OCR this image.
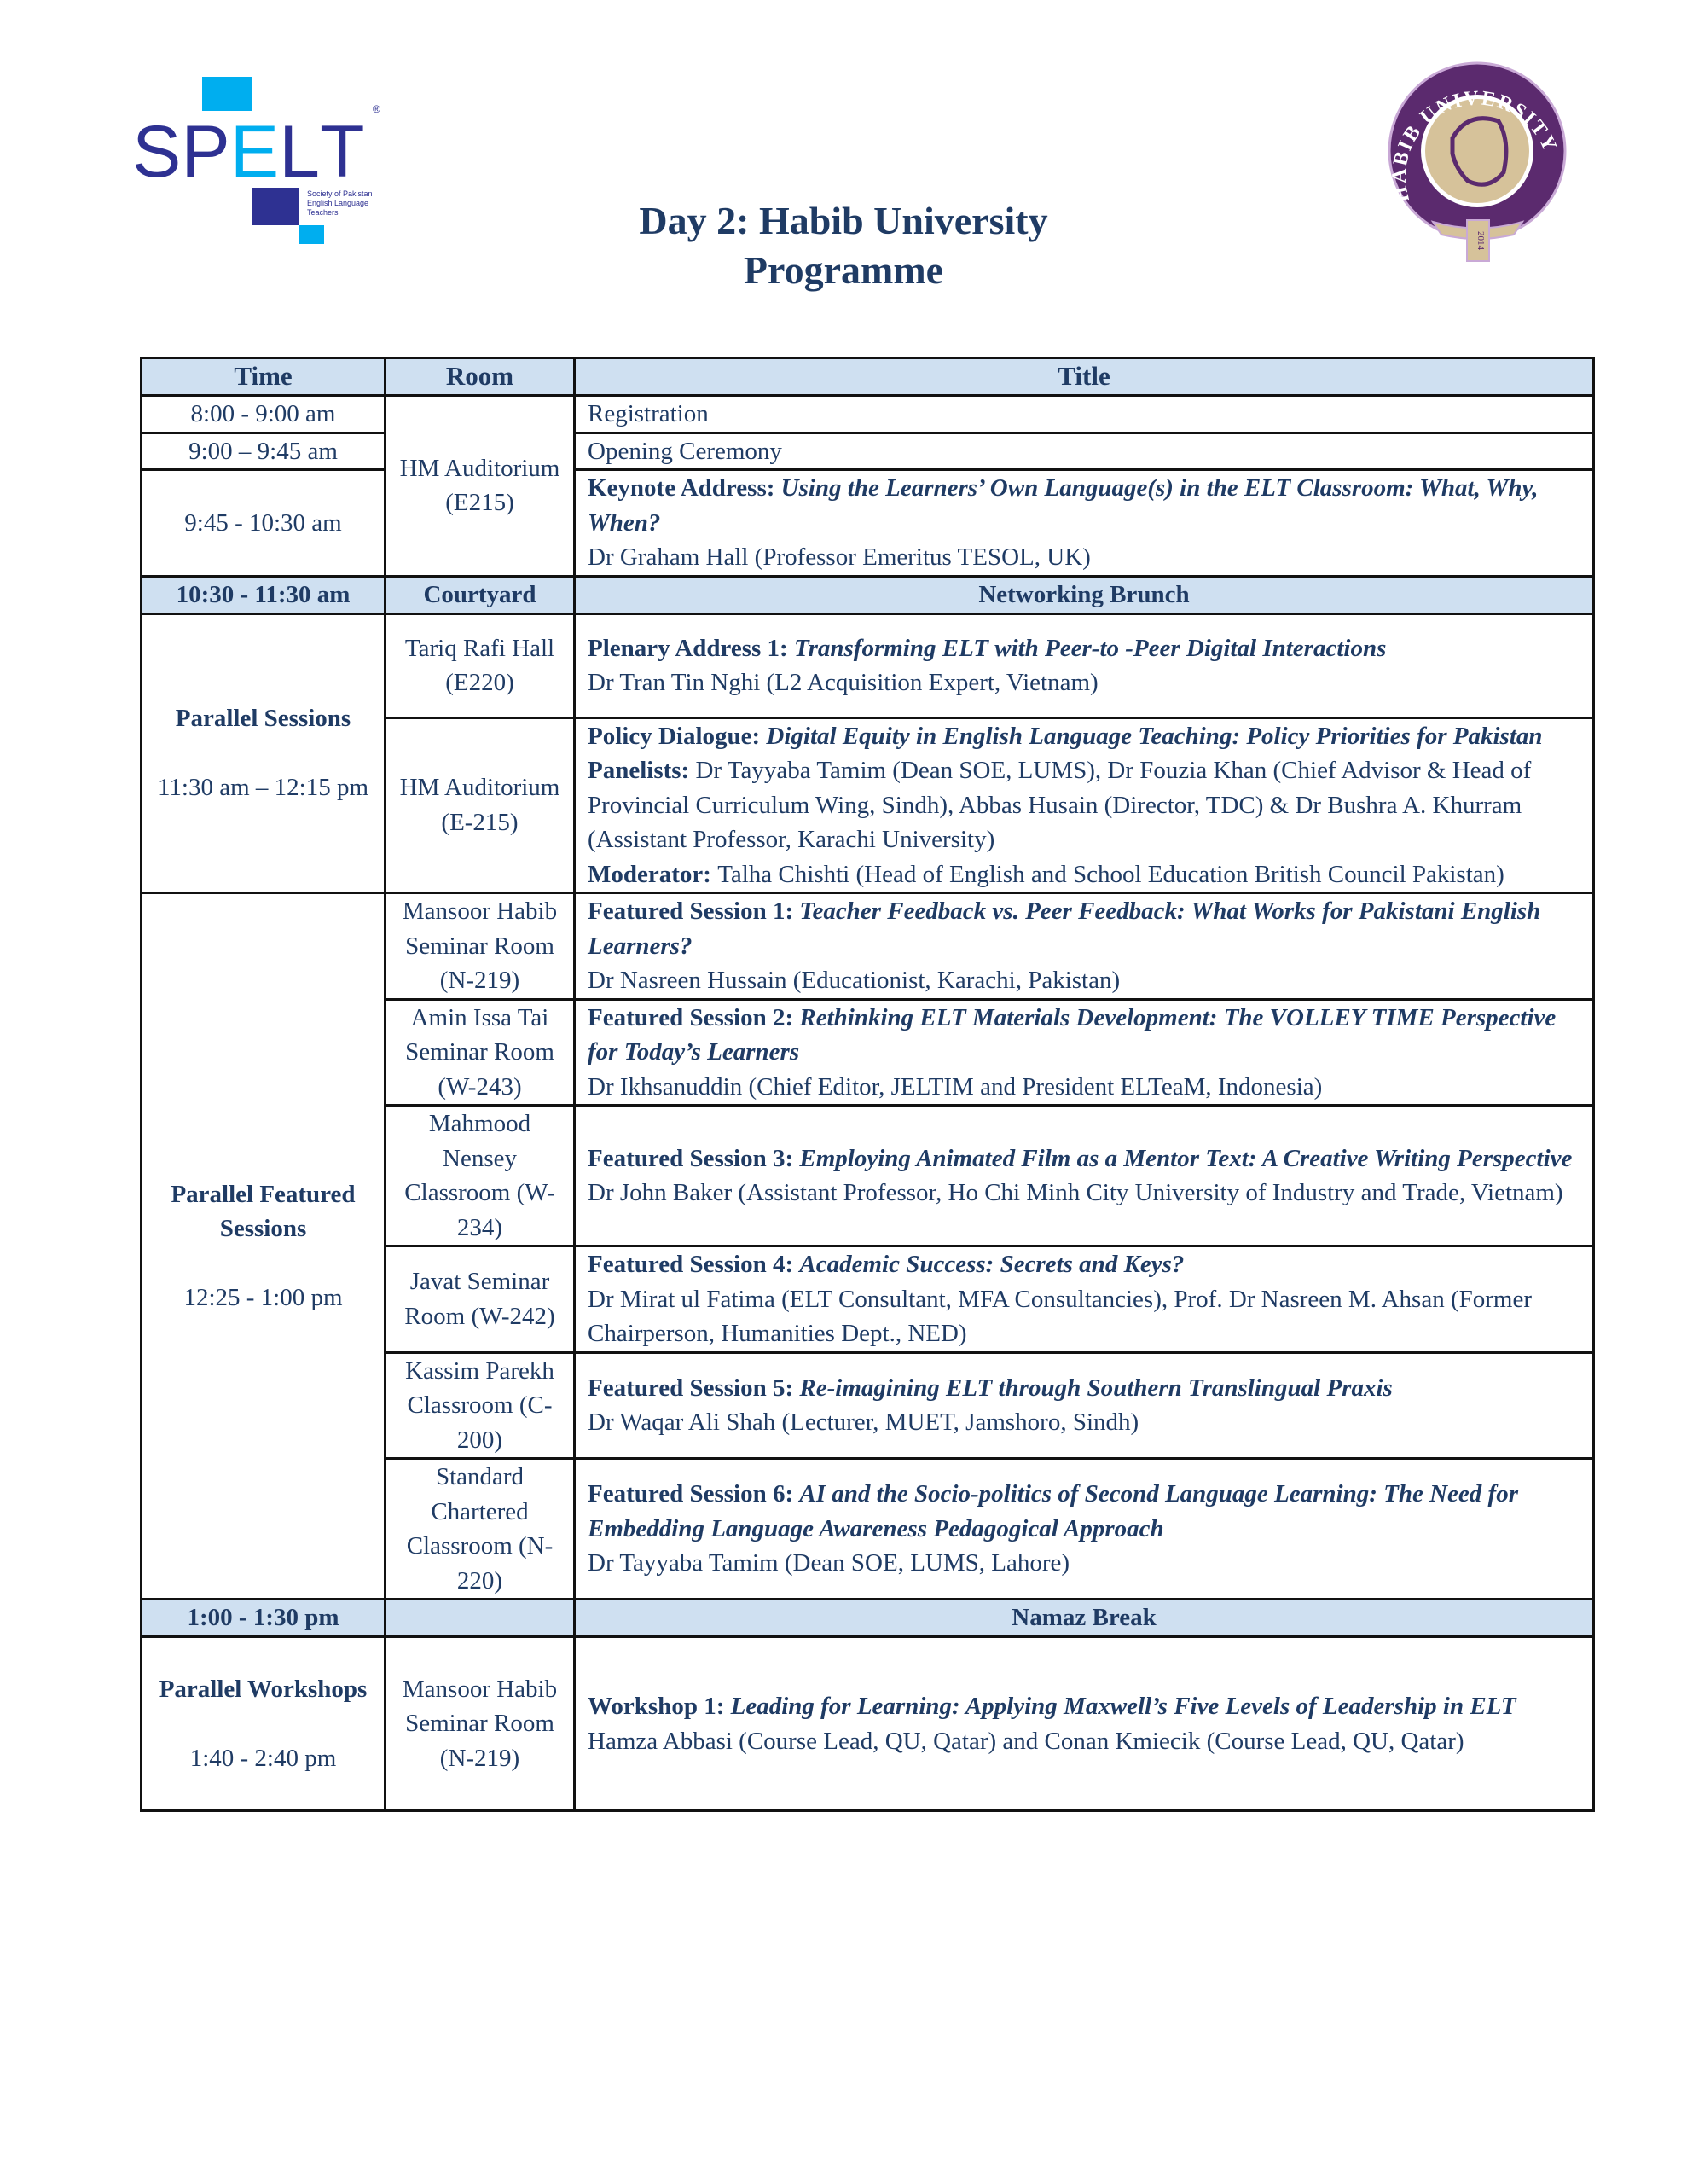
S P E L T
®
Society of Pakistan English Language Teachers
HABIB UNIVERSITY
2014
Day 2: Habib University
Programme
Time	Room	Title
8:00 - 9:00 am	HM Auditorium (E215)	Registration
9:00 – 9:45 am		Opening Ceremony
9:45 - 10:30 am		Keynote Address: Using the Learners’ Own Language(s) in the ELT Classroom: What, Why, When?
Dr Graham Hall (Professor Emeritus TESOL, UK)
10:30 - 11:30 am	Courtyard	Networking Brunch
Parallel Sessions
11:30 am – 12:15 pm	Tariq Rafi Hall (E220)	Plenary Address 1: Transforming ELT with Peer-to -Peer Digital Interactions
Dr Tran Tin Nghi (L2 Acquisition Expert, Vietnam)
	HM Auditorium (E-215)	Policy Dialogue: Digital Equity in English Language Teaching: Policy Priorities for Pakistan
Panelists: Dr Tayyaba Tamim (Dean SOE, LUMS), Dr Fouzia Khan (Chief Advisor & Head of Provincial Curriculum Wing, Sindh), Abbas Husain (Director, TDC) & Dr Bushra A. Khurram (Assistant Professor, Karachi University)
Moderator: Talha Chishti (Head of English and School Education British Council Pakistan)
Parallel Featured Sessions
12:25 - 1:00 pm	Mansoor Habib Seminar Room (N-219)	Featured Session 1: Teacher Feedback vs. Peer Feedback: What Works for Pakistani English Learners?
Dr Nasreen Hussain (Educationist, Karachi, Pakistan)
	Amin Issa Tai Seminar Room (W-243)	Featured Session 2: Rethinking ELT Materials Development: The VOLLEY TIME Perspective for Today’s Learners
Dr Ikhsanuddin (Chief Editor, JELTIM and President ELTeaM, Indonesia)
	Mahmood Nensey Classroom (W-234)	Featured Session 3: Employing Animated Film as a Mentor Text: A Creative Writing Perspective
Dr John Baker (Assistant Professor, Ho Chi Minh City University of Industry and Trade, Vietnam)
	Javat Seminar Room (W-242)	Featured Session 4: Academic Success: Secrets and Keys?
Dr Mirat ul Fatima (ELT Consultant, MFA Consultancies), Prof. Dr Nasreen M. Ahsan (Former Chairperson, Humanities Dept., NED)
	Kassim Parekh Classroom (C-200)	Featured Session 5: Re-imagining ELT through Southern Translingual Praxis
Dr Waqar Ali Shah (Lecturer, MUET, Jamshoro, Sindh)
	Standard Chartered Classroom (N-220)	Featured Session 6: AI and the Socio-politics of Second Language Learning: The Need for Embedding Language Awareness Pedagogical Approach
Dr Tayyaba Tamim (Dean SOE, LUMS, Lahore)
1:00 - 1:30 pm		Namaz Break
Parallel Workshops
1:40 - 2:40 pm	Mansoor Habib Seminar Room (N-219)	Workshop 1: Leading for Learning: Applying Maxwell’s Five Levels of Leadership in ELT
Hamza Abbasi (Course Lead, QU, Qatar) and Conan Kmiecik (Course Lead, QU, Qatar)
